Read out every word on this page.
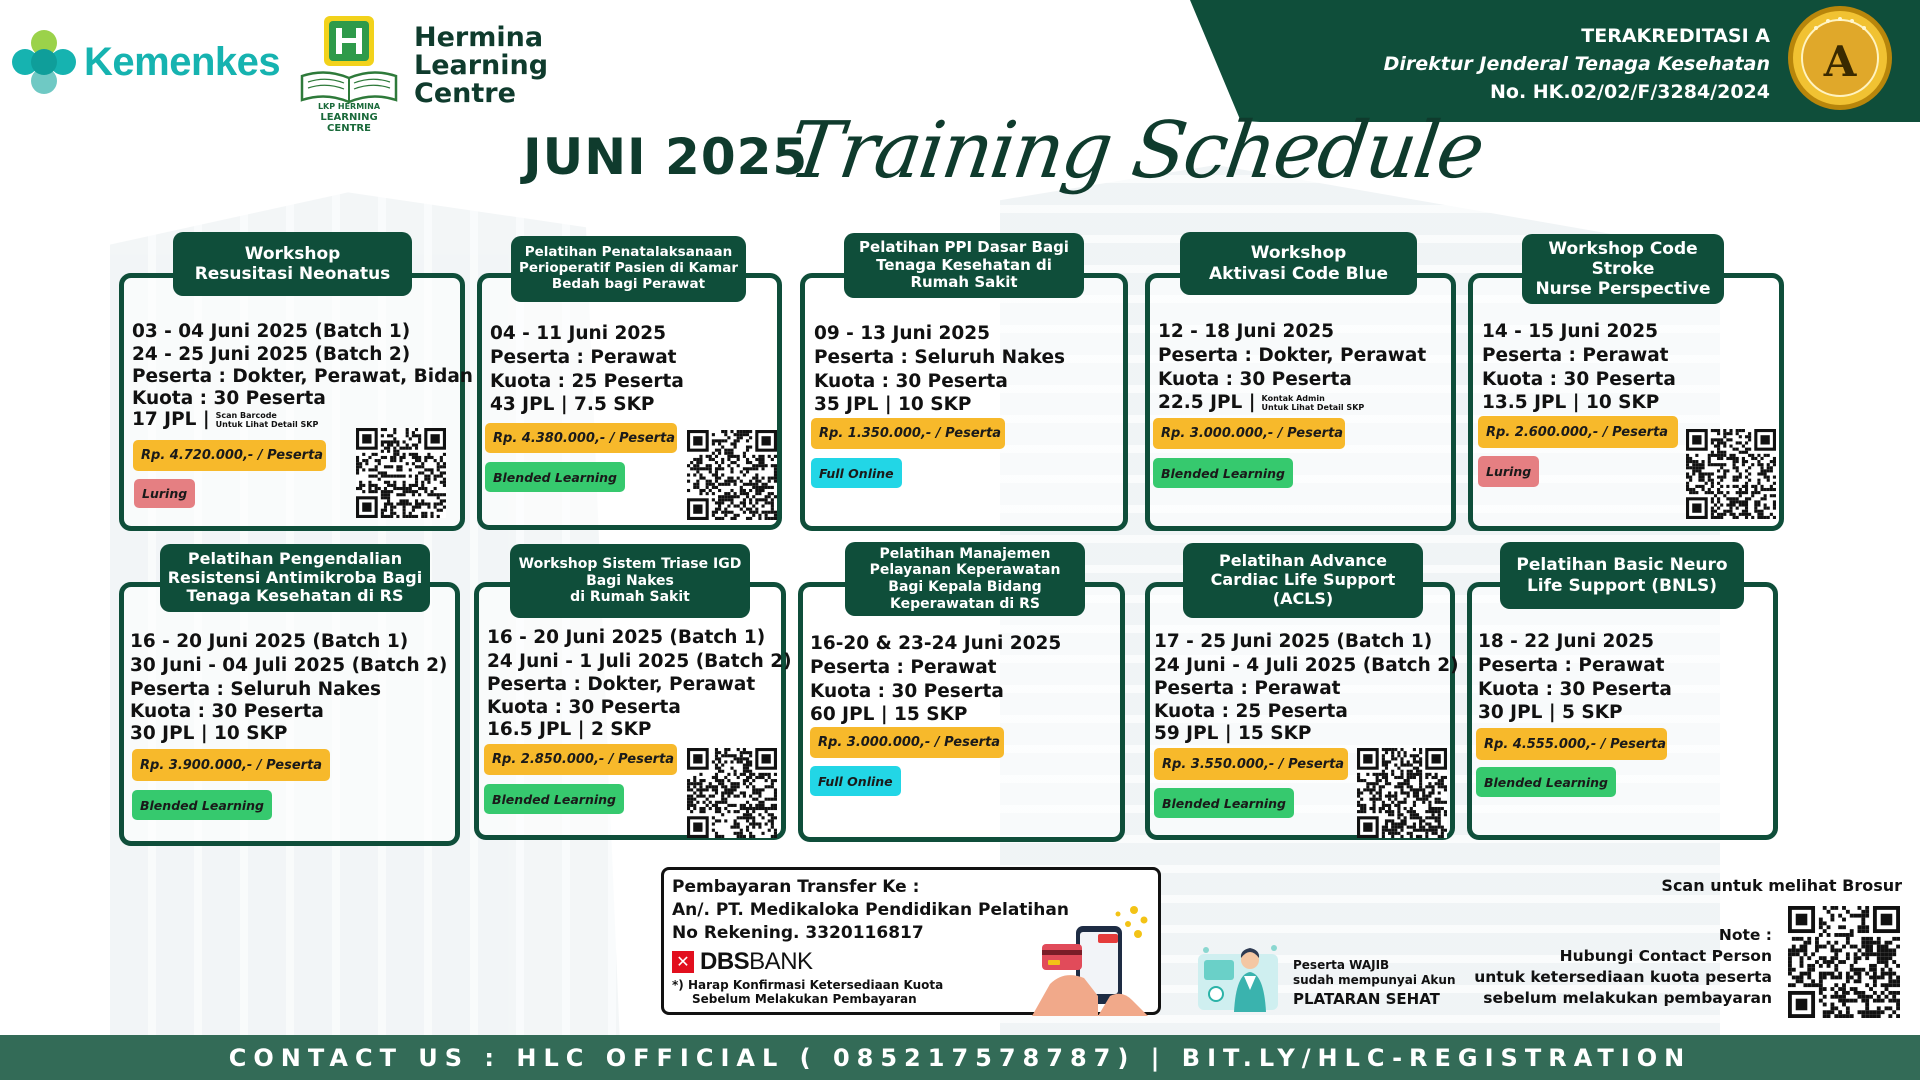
Kemenkes
LKP HERMINA
LEARNING CENTRE
Hermina
Learning
Centre
TERAKREDITASI A
Direktur Jenderal Tenaga Kesehatan
No. HK.02/02/F/3284/2024
A
JUNI 2025
Training Schedule
Workshop
Resusitasi Neonatus
03 - 04 Juni 2025 (Batch 1)
24 - 25 Juni 2025 (Batch 2)
Peserta : Dokter, Perawat, Bidan
Kuota : 30 Peserta
17 JPL | Scan Barcode
Untuk Lihat Detail SKP
Rp. 4.720.000,- / Peserta
Luring
Pelatihan Penatalaksanaan
Perioperatif Pasien di Kamar
Bedah bagi Perawat
04 - 11 Juni 2025
Peserta : Perawat
Kuota : 25 Peserta
43 JPL | 7.5 SKP
Rp. 4.380.000,- / Peserta
Blended Learning
Pelatihan PPI Dasar Bagi
Tenaga Kesehatan di
Rumah Sakit
09 - 13 Juni 2025
Peserta : Seluruh Nakes
Kuota : 30 Peserta
35 JPL | 10 SKP
Rp. 1.350.000,- / Peserta
Full Online
Workshop
Aktivasi Code Blue
12 - 18 Juni 2025
Peserta : Dokter, Perawat
Kuota : 30 Peserta
22.5 JPL | Kontak Admin
Untuk Lihat Detail SKP
Rp. 3.000.000,- / Peserta
Blended Learning
Workshop Code
Stroke
Nurse Perspective
14 - 15 Juni 2025
Peserta : Perawat
Kuota : 30 Peserta
13.5 JPL | 10 SKP
Rp. 2.600.000,- / Peserta
Luring
Pelatihan Pengendalian
Resistensi Antimikroba Bagi
Tenaga Kesehatan di RS
16 - 20 Juni 2025 (Batch 1)
30 Juni - 04 Juli 2025 (Batch 2)
Peserta : Seluruh Nakes
Kuota : 30 Peserta
30 JPL | 10 SKP
Rp. 3.900.000,- / Peserta
Blended Learning
Workshop Sistem Triase IGD
Bagi Nakes
di Rumah Sakit
16 - 20 Juni 2025 (Batch 1)
24 Juni - 1 Juli 2025 (Batch 2)
Peserta : Dokter, Perawat
Kuota : 30 Peserta
16.5 JPL | 2 SKP
Rp. 2.850.000,- / Peserta
Blended Learning
Pelatihan Manajemen
Pelayanan Keperawatan
Bagi Kepala Bidang
Keperawatan di RS
16-20 & 23-24 Juni 2025
Peserta : Perawat
Kuota : 30 Peserta
60 JPL | 15 SKP
Rp. 3.000.000,- / Peserta
Full Online
Pelatihan Advance
Cardiac Life Support
(ACLS)
17 - 25 Juni 2025 (Batch 1)
24 Juni - 4 Juli 2025 (Batch 2)
Peserta : Perawat
Kuota : 25 Peserta
59 JPL | 15 SKP
Rp. 3.550.000,- / Peserta
Blended Learning
Pelatihan Basic Neuro
Life Support (BNLS)
18 - 22 Juni 2025
Peserta : Perawat
Kuota : 30 Peserta
30 JPL | 5 SKP
Rp. 4.555.000,- / Peserta
Blended Learning
Pembayaran Transfer Ke :
An/. PT. Medikaloka Pendidikan Pelatihan
No Rekening. 3320116817
✕ DBSBANK
*) Harap Konfirmasi Ketersediaan Kuota
Sebelum Melakukan Pembayaran
Peserta WAJIB
sudah mempunyai Akun
PLATARAN SEHAT
Scan untuk melihat Brosur
Note :
Hubungi Contact Person
untuk ketersediaan kuota peserta
sebelum melakukan pembayaran
CONTACT US : HLC OFFICIAL ( 085217578787) | BIT.LY/HLC-REGISTRATION
